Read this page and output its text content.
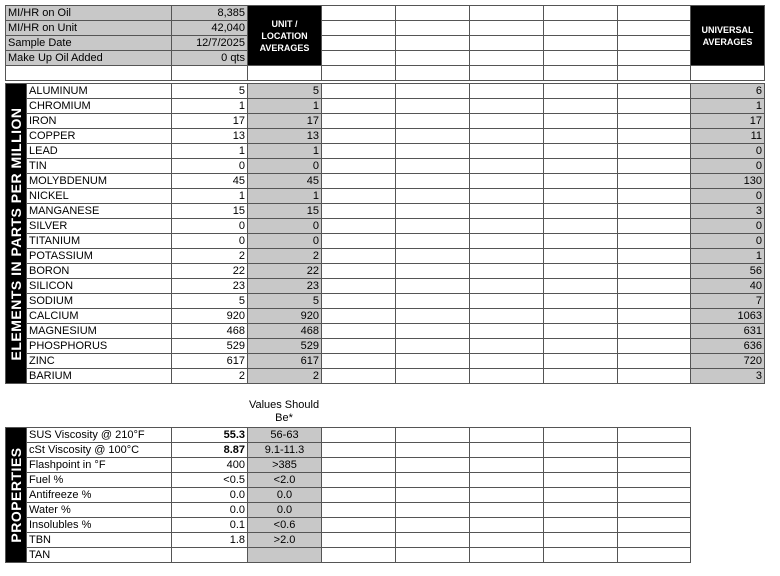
MI/HR on Oil	8,385	UNIT / LOCATION AVERAGES						UNIVERSAL AVERAGES
MI/HR on Unit	42,040							
Sample Date	12/7/2025							
Make Up Oil Added	0 qts							

ELEMENTS IN PARTS PER MILLION	ALUMINUM	5	5						6
	CHROMIUM	1	1						1
	IRON	17	17						17
	COPPER	13	13						11
	LEAD	1	1						0
	TIN	0	0						0
	MOLYBDENUM	45	45						130
	NICKEL	1	1						0
	MANGANESE	15	15						3
	SILVER	0	0						0
	TITANIUM	0	0						0
	POTASSIUM	2	2						1
	BORON	22	22						56
	SILICON	23	23						40
	SODIUM	5	5						7
	CALCIUM	920	920						1063
	MAGNESIUM	468	468						631
	PHOSPHORUS	529	529						636
	ZINC	617	617						720
	BARIUM	2	2						3
Values Should Be*
PROPERTIES	SUS Viscosity @ 210°F	55.3	56-63					
	cSt Viscosity @ 100°C	8.87	9.1-11.3					
	Flashpoint in °F	400	>385					
	Fuel %	<0.5	<2.0					
	Antifreeze %	0.0	0.0					
	Water %	0.0	0.0					
	Insolubles %	0.1	<0.6					
	TBN	1.8	>2.0					
	TAN							
